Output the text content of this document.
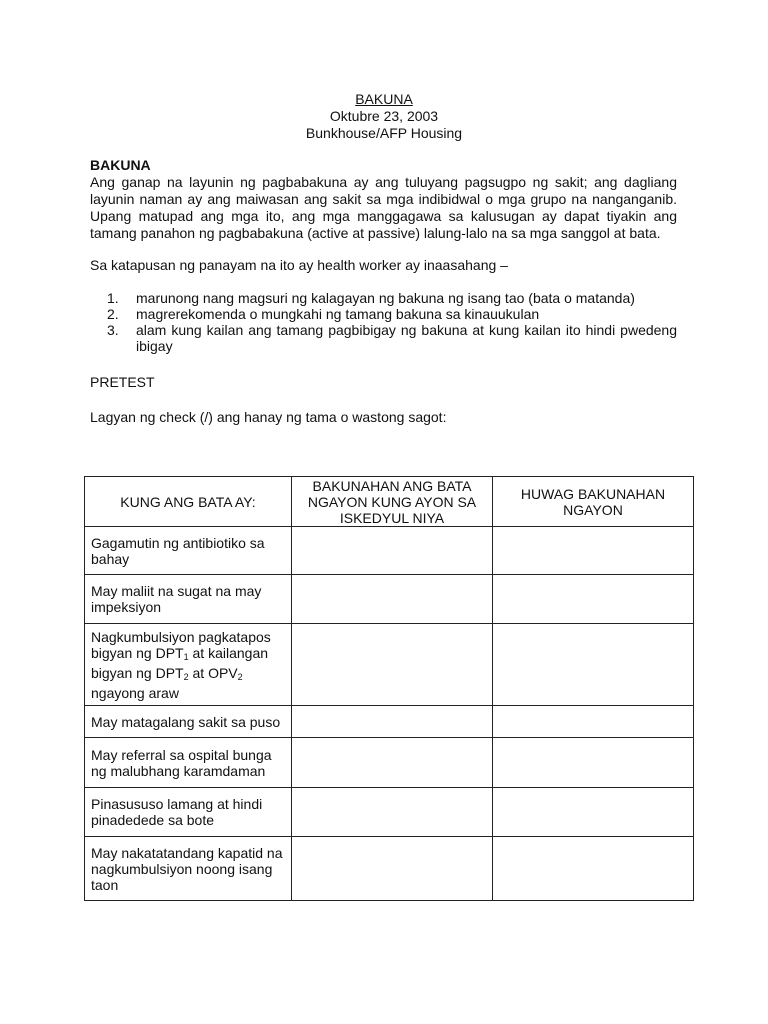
BAKUNA
Oktubre 23, 2003
Bunkhouse/AFP Housing
BAKUNA
Ang ganap na layunin ng pagbabakuna ay ang tuluyang pagsugpo ng sakit; ang dagliang layunin naman ay ang maiwasan ang sakit sa mga indibidwal o mga grupo na nanganganib. Upang matupad ang mga ito, ang mga manggagawa sa kalusugan ay dapat tiyakin ang tamang panahon ng pagbabakuna (active at passive) lalung-lalo na sa mga sanggol at bata.
Sa katapusan ng panayam na ito ay health worker ay inaasahang –
1. marunong nang magsuri ng kalagayan ng bakuna ng isang tao (bata o matanda)
2. magrerekomenda o mungkahi ng tamang bakuna sa kinauukulan
3. alam kung kailan ang tamang pagbibigay ng bakuna at kung kailan ito hindi pwedeng ibigay
PRETEST
Lagyan ng check (/) ang hanay ng tama o wastong sagot:
KUNG ANG BATA AY:	BAKUNAHAN ANG BATA NGAYON KUNG AYON SA ISKEDYUL NIYA	HUWAG BAKUNAHAN NGAYON
Gagamutin ng antibiotiko sa bahay		
May maliit na sugat na may impeksiyon		
Nagkumbulsiyon pagkatapos bigyan ng $DPT_1$ at kailangan bigyan ng $DPT_2$ at $OPV_2$ ngayong araw		
May matagalang sakit sa puso		
May referral sa ospital bunga ng malubhang karamdaman		
Pinasususo lamang at hindi pinadedede sa bote		
May nakatatandang kapatid na nagkumbulsiyon noong isang taon		
